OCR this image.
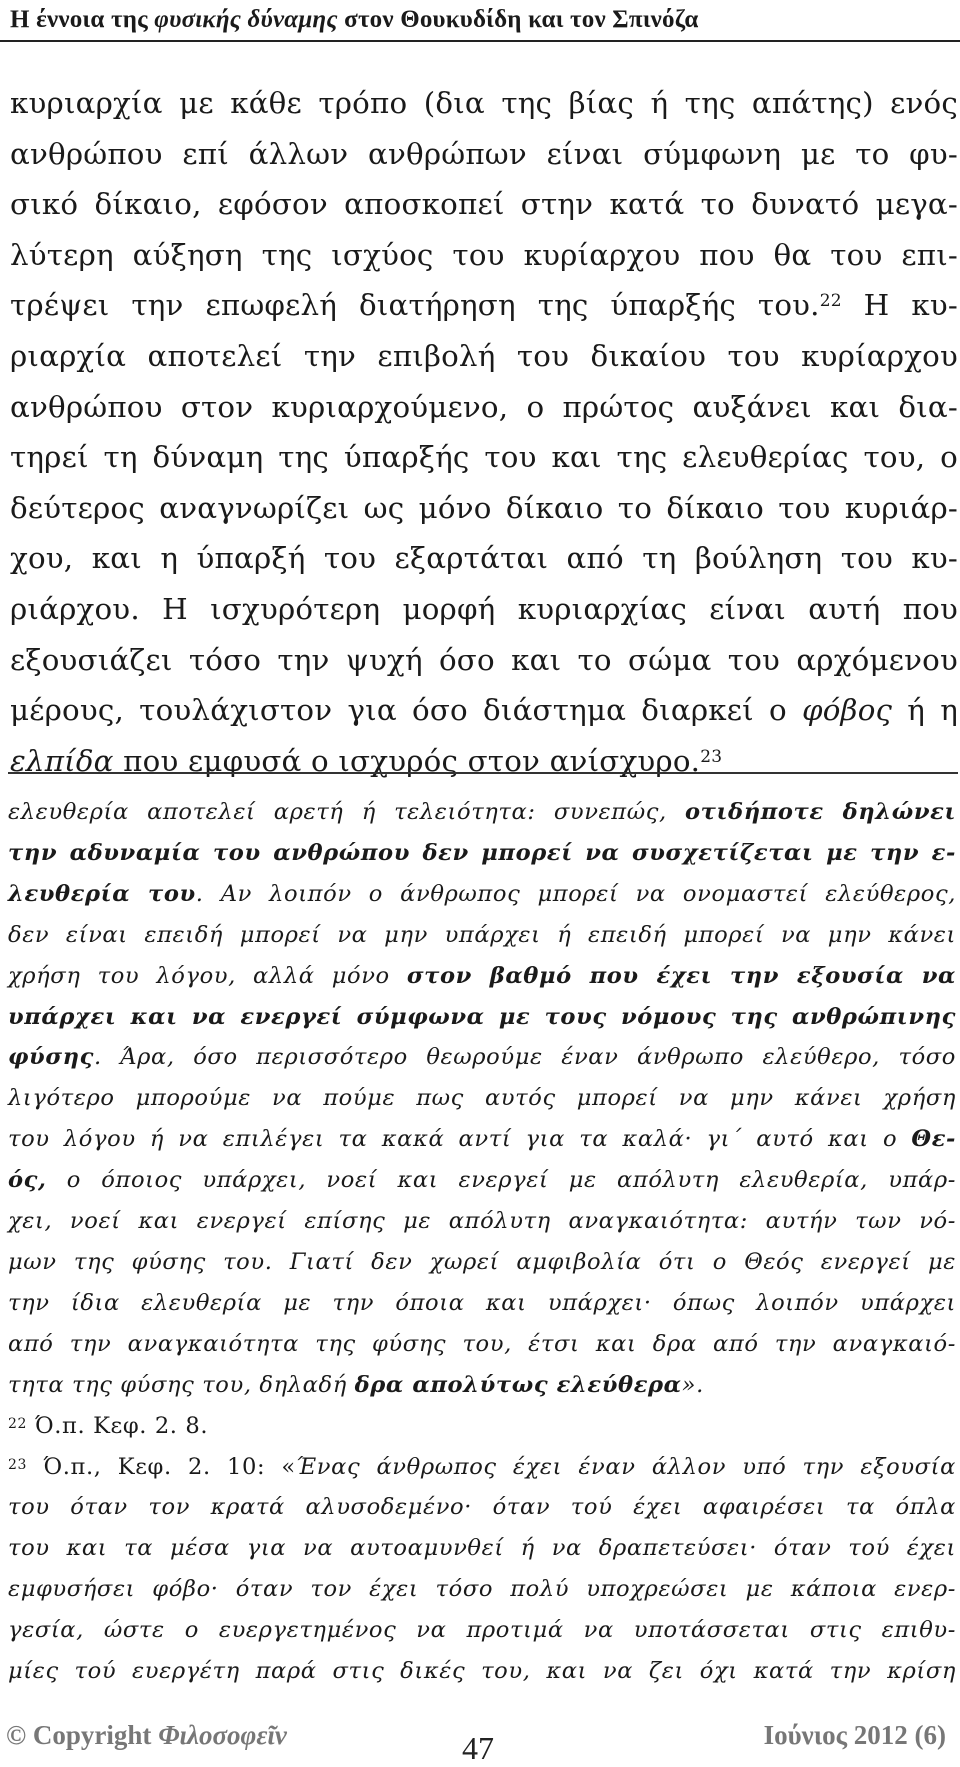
Η έννοια της φυσικής δύναμης στον Θουκυδίδη και τον Σπινόζα
κυριαρχία με κάθε τρόπο (δια της βίας ή της απάτης) ενός
ανθρώπου επί άλλων ανθρώπων είναι σύμφωνη με το φυ-
σικό δίκαιο, εφόσον αποσκοπεί στην κατά το δυνατό μεγα-
λύτερη αύξηση της ισχύος του κυρίαρχου που θα του επι-
τρέψει την επωφελή διατήρηση της ύπαρξής του.$^{22}$ Η κυ-
ριαρχία αποτελεί την επιβολή του δικαίου του κυρίαρχου
ανθρώπου στον κυριαρχούμενο, ο πρώτος αυξάνει και δια-
τηρεί τη δύναμη της ύπαρξής του και της ελευθερίας του, ο
δεύτερος αναγνωρίζει ως μόνο δίκαιο το δίκαιο του κυριάρ-
χου, και η ύπαρξή του εξαρτάται από τη βούληση του κυ-
ριάρχου. Η ισχυρότερη μορφή κυριαρχίας είναι αυτή που
εξουσιάζει τόσο την ψυχή όσο και το σώμα του αρχόμενου
μέρους, τουλάχιστον για όσο διάστημα διαρκεί ο φόβος ή η
ελπίδα που εμφυσά ο ισχυρός στον ανίσχυρο.$^{23}$
ελευθερία αποτελεί αρετή ή τελειότητα: συνεπώς, οτιδήποτε δηλώνει
την αδυναμία του ανθρώπου δεν μπορεί να συσχετίζεται με την ε-
λευθερία του. Αν λοιπόν ο άνθρωπος μπορεί να ονομαστεί ελεύθερος,
δεν είναι επειδή μπορεί να μην υπάρχει ή επειδή μπορεί να μην κάνει
χρήση του λόγου, αλλά μόνο στον βαθμό που έχει την εξουσία να
υπάρχει και να ενεργεί σύμφωνα με τους νόμους της ανθρώπινης
φύσης. Άρα, όσο περισσότερο θεωρούμε έναν άνθρωπο ελεύθερο, τόσο
λιγότερο μπορούμε να πούμε πως αυτός μπορεί να μην κάνει χρήση
του λόγου ή να επιλέγει τα κακά αντί για τα καλά· γι΄ αυτό και ο Θε-
ός, ο όποιος υπάρχει, νοεί και ενεργεί με απόλυτη ελευθερία, υπάρ-
χει, νοεί και ενεργεί επίσης με απόλυτη αναγκαιότητα: αυτήν των νό-
μων της φύσης του. Γιατί δεν χωρεί αμφιβολία ότι ο Θεός ενεργεί με
την ίδια ελευθερία με την όποια και υπάρχει· όπως λοιπόν υπάρχει
από την αναγκαιότητα της φύσης του, έτσι και δρα από την αναγκαιό-
τητα της φύσης του, δηλαδή δρα απολύτως ελεύθερα».
$^{22}$ Ό.π. Κεφ. 2. 8.
$^{23}$ Ό.π., Κεφ. 2. 10: «Ένας άνθρωπος έχει έναν άλλον υπό την εξουσία
του όταν τον κρατά αλυσοδεμένο· όταν τού έχει αφαιρέσει τα όπλα
του και τα μέσα για να αυτοαμυνθεί ή να δραπετεύσει· όταν τού έχει
εμφυσήσει φόβο· όταν τον έχει τόσο πολύ υποχρεώσει με κάποια ενερ-
γεσία, ώστε ο ευεργετημένος να προτιμά να υποτάσσεται στις επιθυ-
μίες τού ευεργέτη παρά στις δικές του, και να ζει όχι κατά την κρίση
© Copyright Φιλοσοφεῖν	47	Ιούνιος 2012 (6)
